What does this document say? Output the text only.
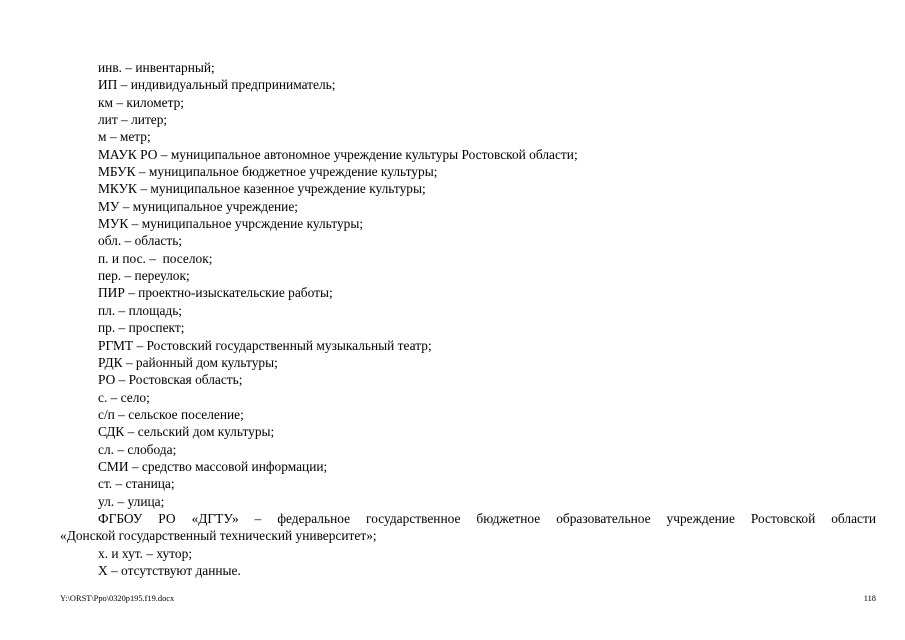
инв. – инвентарный;
ИП – индивидуальный предприниматель;
км – километр;
лит – литер;
м – метр;
МАУК РО – муниципальное автономное учреждение культуры Ростовской области;
МБУК – муниципальное бюджетное учреждение культуры;
МКУК – муниципальное казенное учреждение культуры;
МУ – муниципальное учреждение;
МУК – муниципальное учрсждение культуры;
обл. – область;
п. и пос. –  поселок;
пер. – переулок;
ПИР – проектно-изыскательские работы;
пл. – площадь;
пр. – проспект;
РГМТ – Ростовский государственный музыкальный театр;
РДК – районный дом культуры;
РО – Ростовская область;
с. – село;
с/п – сельское поселение;
СДК – сельский дом культуры;
сл. – слобода;
СМИ – средство массовой информации;
ст. – станица;
ул. – улица;
ФГБОУ РО «ДГТУ» – федеральное государственное бюджетное образовательное учреждение Ростовской области
«Донской государственный технический университет»;
х. и хут. – хутор;
Х – отсутствуют данные.
Y:\ORST\Ppo\0320p195.f19.docx	118
